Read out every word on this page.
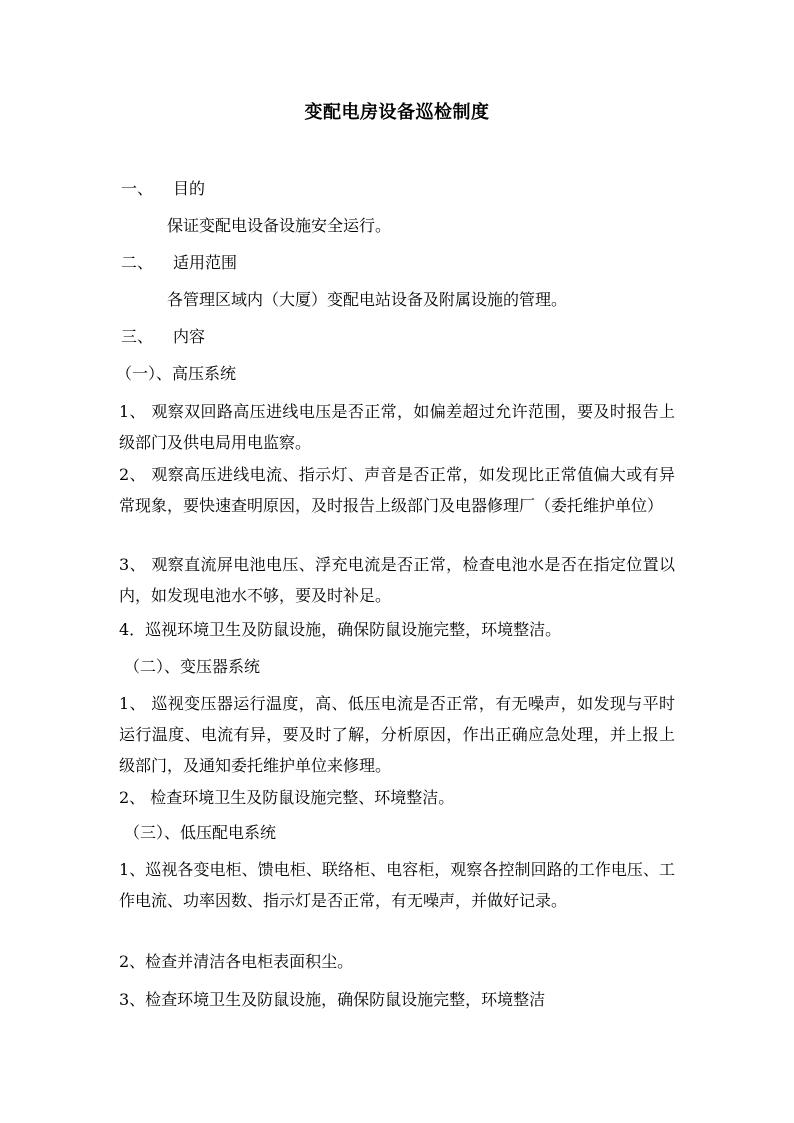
变配电房设备巡检制度
一、 目的
保证变配电设备设施安全运行。
二、 适用范围
各管理区域内（大厦）变配电站设备及附属设施的管理。
三、 内容
（一）、高压系统
1、 观察双回路高压进线电压是否正常，如偏差超过允许范围，要及时报告上级部门及供电局用电监察。
2、 观察高压进线电流、指示灯、声音是否正常，如发现比正常值偏大或有异常现象，要快速查明原因，及时报告上级部门及电器修理厂（委托维护单位）
3、 观察直流屏电池电压、浮充电流是否正常，检查电池水是否在指定位置以内，如发现电池水不够，要及时补足。
4．巡视环境卫生及防鼠设施，确保防鼠设施完整，环境整洁。
（二）、变压器系统
1、 巡视变压器运行温度，高、低压电流是否正常，有无噪声，如发现与平时运行温度、电流有异，要及时了解，分析原因，作出正确应急处理，并上报上级部门，及通知委托维护单位来修理。
2、 检查环境卫生及防鼠设施完整、环境整洁。
（三）、低压配电系统
1、巡视各变电柜、馈电柜、联络柜、电容柜，观察各控制回路的工作电压、工作电流、功率因数、指示灯是否正常，有无噪声，并做好记录。
2、检查并清洁各电柜表面积尘。
3、检查环境卫生及防鼠设施，确保防鼠设施完整，环境整洁
